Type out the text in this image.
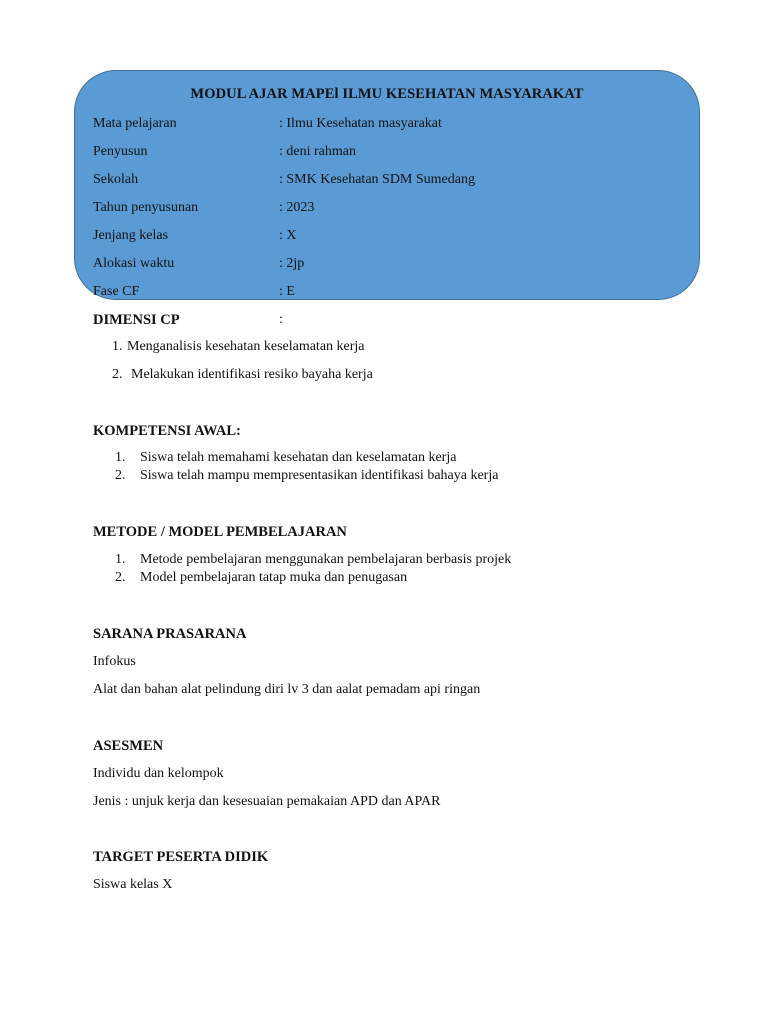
MODUL AJAR MAPEl ILMU KESEHATAN MASYARAKAT
Mata pelajaran	: Ilmu Kesehatan masyarakat
Penyusun	: deni rahman
Sekolah	: SMK Kesehatan SDM Sumedang
Tahun penyusunan	: 2023
Jenjang kelas	: X
Alokasi waktu	: 2jp
Fase CF	: E
DIMENSI CP	:
1. Menganalisis kesehatan keselamatan kerja
2. Melakukan identifikasi resiko bayaha kerja
KOMPETENSI AWAL:
1. Siswa telah memahami kesehatan dan keselamatan kerja
2. Siswa telah mampu mempresentasikan identifikasi bahaya kerja
METODE / MODEL PEMBELAJARAN
1. Metode pembelajaran menggunakan pembelajaran berbasis projek
2. Model pembelajaran tatap muka dan penugasan
SARANA PRASARANA
Infokus
Alat dan bahan alat pelindung diri lv 3 dan aalat pemadam api ringan
ASESMEN
Individu dan kelompok
Jenis : unjuk kerja dan kesesuaian pemakaian APD dan APAR
TARGET PESERTA DIDIK
Siswa kelas X
